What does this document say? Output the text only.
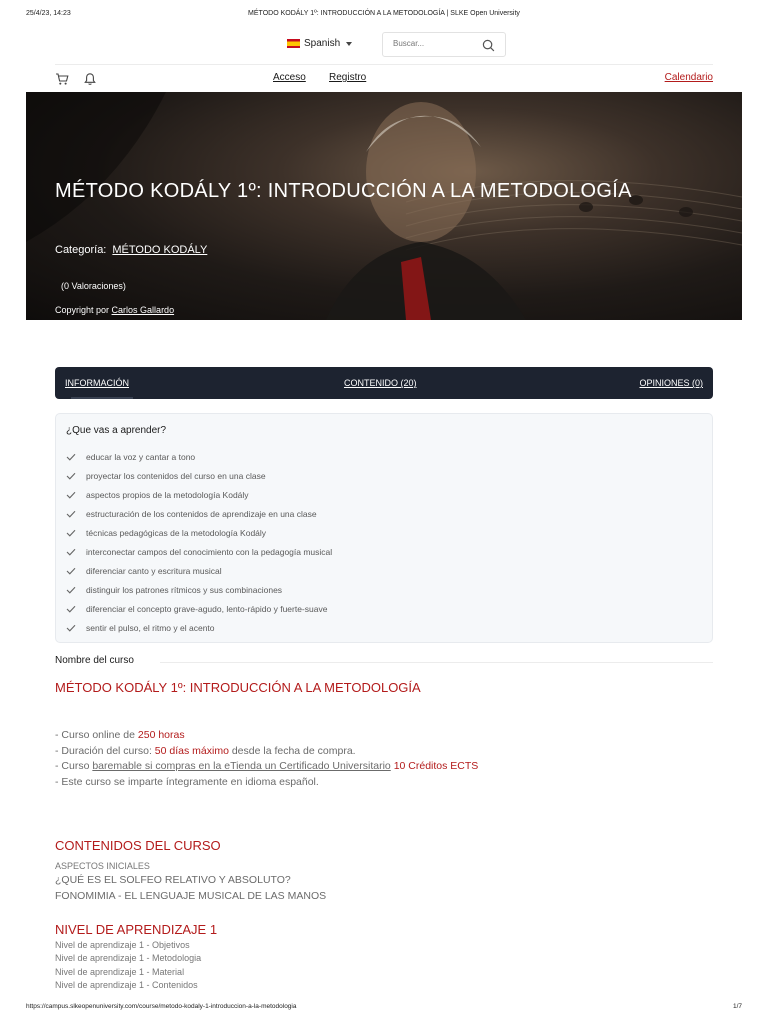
25/4/23, 14:23	MÉTODO KODÁLY 1º: INTRODUCCIÓN A LA METODOLOGÍA | SLKE Open University
Spanish
Buscar...
Acceso Registro	Calendario
MÉTODO KODÁLY 1º: INTRODUCCIÓN A LA METODOLOGÍA
Categoría: MÉTODO KODÁLY
(0 Valoraciones)
Copyright por Carlos Gallardo
INFORMACIÓN	CONTENIDO (20)	OPINIONES (0)
¿Que vas a aprender?
educar la voz y cantar a tono
proyectar los contenidos del curso en una clase
aspectos propios de la metodología Kodály
estructuración de los contenidos de aprendizaje en una clase
técnicas pedagógicas de la metodología Kodály
interconectar campos del conocimiento con la pedagogía musical
diferenciar canto y escritura musical
distinguir los patrones rítmicos y sus combinaciones
diferenciar el concepto grave-agudo, lento-rápido y fuerte-suave
sentir el pulso, el ritmo y el acento
Nombre del curso
MÉTODO KODÁLY 1º: INTRODUCCIÓN A LA METODOLOGÍA
- Curso online de 250 horas
- Duración del curso: 50 días máximo desde la fecha de compra.
- Curso baremable si compras en la eTienda un Certificado Universitario 10 Créditos ECTS
- Este curso se imparte íntegramente en idioma español.
CONTENIDOS DEL CURSO
ASPECTOS INICIALES
¿QUÉ ES EL SOLFEO RELATIVO Y ABSOLUTO?
FONOMIMIA - EL LENGUAJE MUSICAL DE LAS MANOS
NIVEL DE APRENDIZAJE 1
Nivel de aprendizaje 1 - Objetivos
Nivel de aprendizaje 1 - Metodologia
Nivel de aprendizaje 1 - Material
Nivel de aprendizaje 1 - Contenidos
https://campus.slkeopenuniversity.com/course/metodo-kodaly-1-introduccion-a-la-metodologia	1/7
